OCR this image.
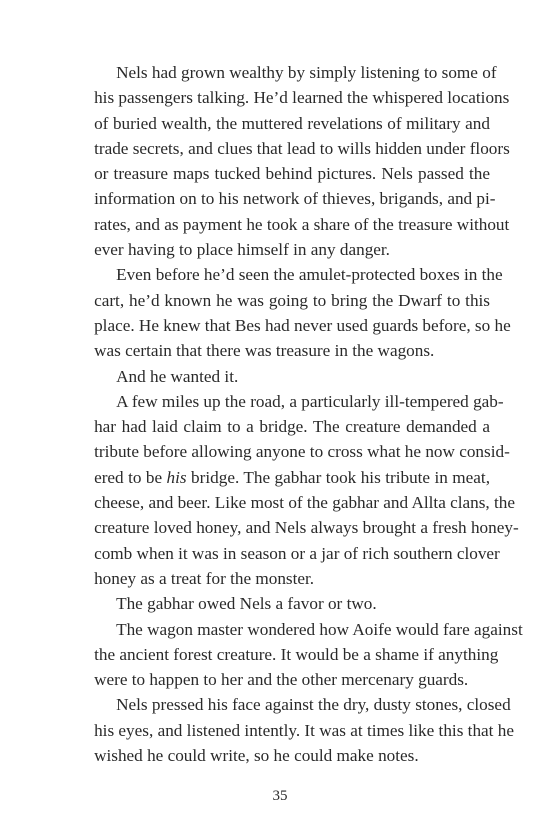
Nels had grown wealthy by simply listening to some of
his passengers talking. He’d learned the whispered locations
of buried wealth, the muttered revelations of military and
trade secrets, and clues that lead to wills hidden under floors
or treasure maps tucked behind pictures. Nels passed the
information on to his network of thieves, brigands, and pi-
rates, and as payment he took a share of the treasure without
ever having to place himself in any danger.
Even before he’d seen the amulet-protected boxes in the
cart, he’d known he was going to bring the Dwarf to this
place. He knew that Bes had never used guards before, so he
was certain that there was treasure in the wagons.
And he wanted it.
A few miles up the road, a particularly ill-tempered gab-
har had laid claim to a bridge. The creature demanded a
tribute before allowing anyone to cross what he now consid-
ered to be his bridge. The gabhar took his tribute in meat,
cheese, and beer. Like most of the gabhar and Allta clans, the
creature loved honey, and Nels always brought a fresh honey-
comb when it was in season or a jar of rich southern clover
honey as a treat for the monster.
The gabhar owed Nels a favor or two.
The wagon master wondered how Aoife would fare against
the ancient forest creature. It would be a shame if anything
were to happen to her and the other mercenary guards.
Nels pressed his face against the dry, dusty stones, closed
his eyes, and listened intently. It was at times like this that he
wished he could write, so he could make notes.
35
